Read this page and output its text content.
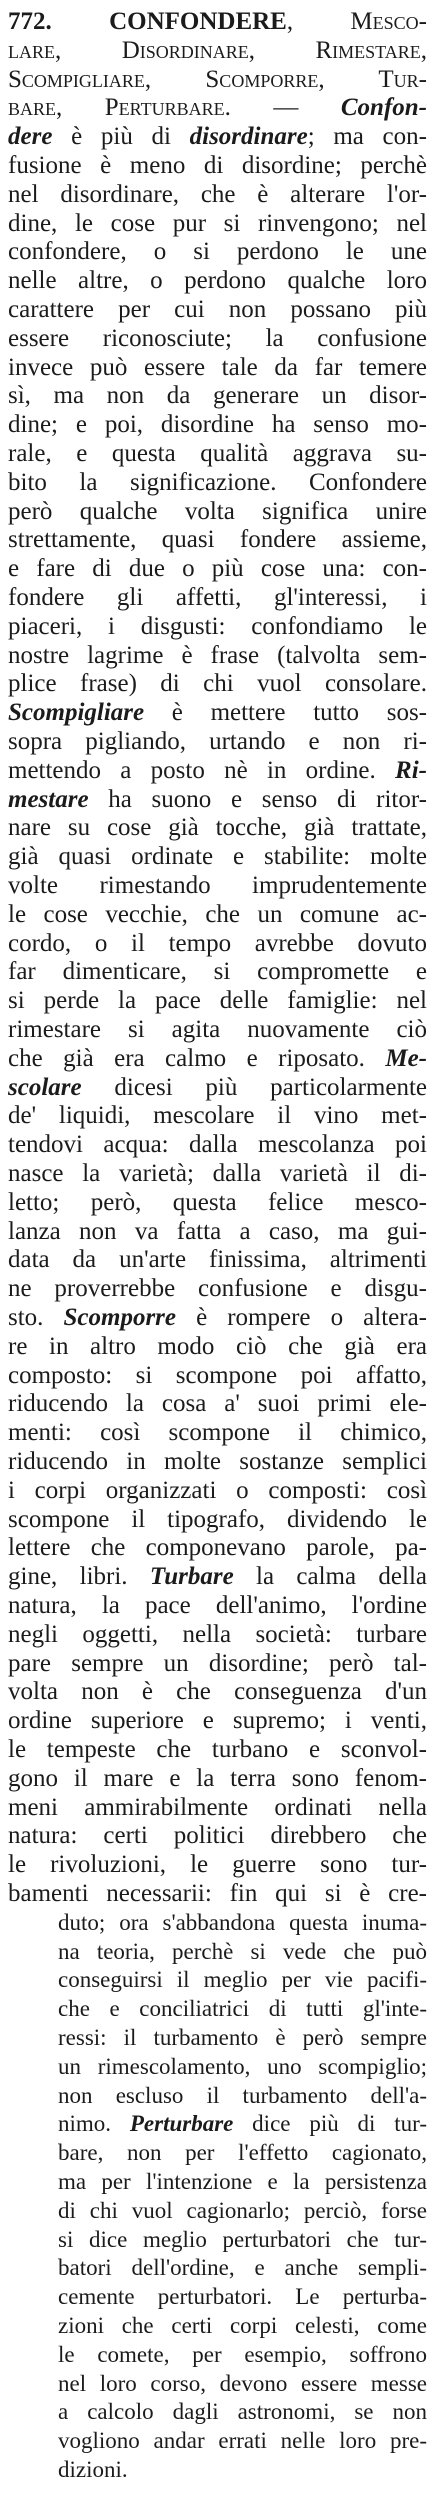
772. CONFONDERE, Mesco-
lare, Disordinare, Rimestare,
Scompigliare, Scomporre, Tur-
bare, Perturbare. — Confon-
dere è più di disordinare; ma con-
fusione è meno di disordine; perchè
nel disordinare, che è alterare l'or-
dine, le cose pur si rinvengono; nel
confondere, o si perdono le une
nelle altre, o perdono qualche loro
carattere per cui non possano più
essere riconosciute; la confusione
invece può essere tale da far temere
sì, ma non da generare un disor-
dine; e poi, disordine ha senso mo-
rale, e questa qualità aggrava su-
bito la significazione. Confondere
però qualche volta significa unire
strettamente, quasi fondere assieme,
e fare di due o più cose una: con-
fondere gli affetti, gl'interessi, i
piaceri, i disgusti: confondiamo le
nostre lagrime è frase (talvolta sem-
plice frase) di chi vuol consolare.
Scompigliare è mettere tutto sos-
sopra pigliando, urtando e non ri-
mettendo a posto nè in ordine. Ri-
mestare ha suono e senso di ritor-
nare su cose già tocche, già trattate,
già quasi ordinate e stabilite: molte
volte rimestando imprudentemente
le cose vecchie, che un comune ac-
cordo, o il tempo avrebbe dovuto
far dimenticare, si compromette e
si perde la pace delle famiglie: nel
rimestare si agita nuovamente ciò
che già era calmo e riposato. Me-
scolare dicesi più particolarmente
de' liquidi, mescolare il vino met-
tendovi acqua: dalla mescolanza poi
nasce la varietà; dalla varietà il di-
letto; però, questa felice mesco-
lanza non va fatta a caso, ma gui-
data da un'arte finissima, altrimenti
ne proverrebbe confusione e disgu-
sto. Scomporre è rompere o altera-
re in altro modo ciò che già era
composto: si scompone poi affatto,
riducendo la cosa a' suoi primi ele-
menti: così scompone il chimico,
riducendo in molte sostanze semplici
i corpi organizzati o composti: così
scompone il tipografo, dividendo le
lettere che componevano parole, pa-
gine, libri. Turbare la calma della
natura, la pace dell'animo, l'ordine
negli oggetti, nella società: turbare
pare sempre un disordine; però tal-
volta non è che conseguenza d'un
ordine superiore e supremo; i venti,
le tempeste che turbano e sconvol-
gono il mare e la terra sono fenom-
meni ammirabilmente ordinati nella
natura: certi politici direbbero che
le rivoluzioni, le guerre sono tur-
bamenti necessarii: fin qui si è cre-
duto; ora s'abbandona questa inuma-
na teoria, perchè si vede che può
conseguirsi il meglio per vie pacifi-
che e conciliatrici di tutti gl'inte-
ressi: il turbamento è però sempre
un rimescolamento, uno scompiglio;
non escluso il turbamento dell'a-
nimo. Perturbare dice più di tur-
bare, non per l'effetto cagionato,
ma per l'intenzione e la persistenza
di chi vuol cagionarlo; perciò, forse
si dice meglio perturbatori che tur-
batori dell'ordine, e anche sempli-
cemente perturbatori. Le perturba-
zioni che certi corpi celesti, come
le comete, per esempio, soffrono
nel loro corso, devono essere messe
a calcolo dagli astronomi, se non
vogliono andar errati nelle loro pre-
dizioni.
